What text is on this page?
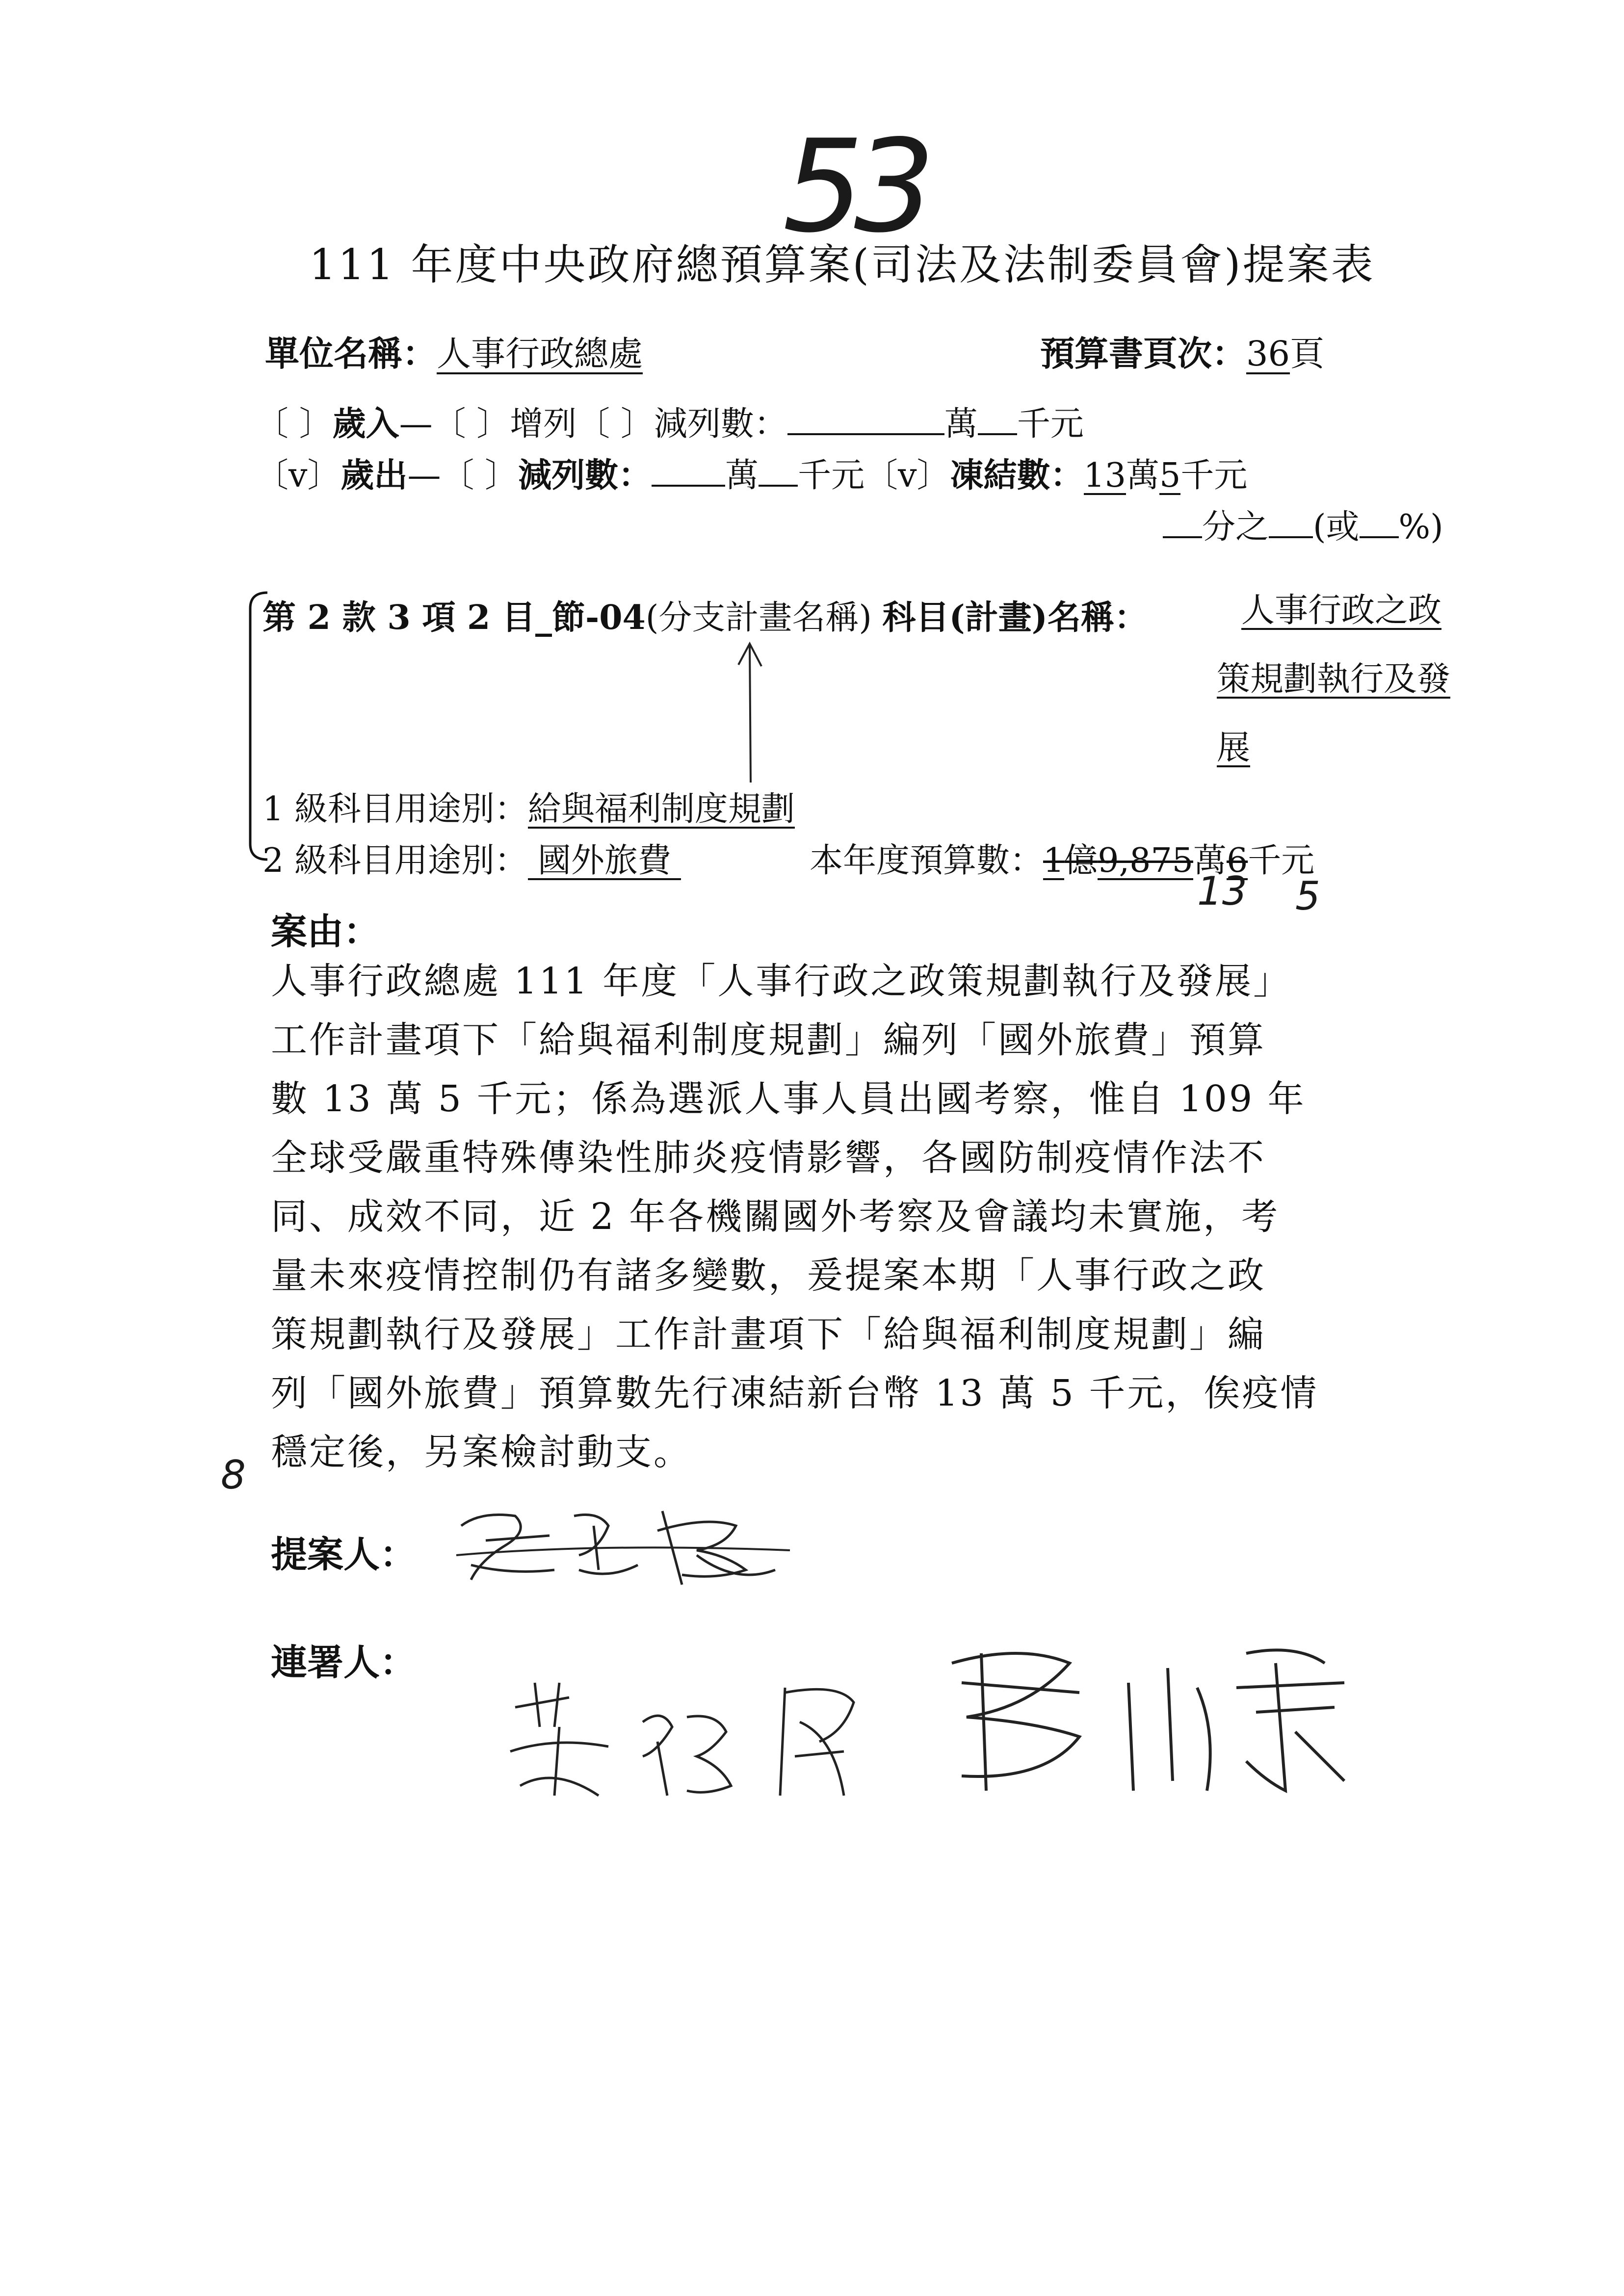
53
111 年度中央政府總預算案(司法及法制委員會)提案表
單位名稱：人事行政總處	預算書頁次：36頁
〔 〕歲入—〔 〕增列〔 〕減列數：	萬 千元
〔v〕歲出—〔 〕減列數： 萬 千元〔v〕凍結數：13萬5千元
分之 (或 %)
第 2 款 3 項 2 目_節-04(分支計畫名稱) 科目(計畫)名稱：	人事行政之政
策規劃執行及發
展
1 級科目用途別：給與福利制度規劃
2 級科目用途別： 國外旅費	本年度預算數：1億9,875萬6千元
13 5
案由：
人事行政總處 111 年度「人事行政之政策規劃執行及發展」
工作計畫項下「給與福利制度規劃」編列「國外旅費」預算
數 13 萬 5 千元；係為選派人事人員出國考察，惟自 109 年
全球受嚴重特殊傳染性肺炎疫情影響，各國防制疫情作法不
同、成效不同，近 2 年各機關國外考察及會議均未實施，考
量未來疫情控制仍有諸多變數，爰提案本期「人事行政之政
策規劃執行及發展」工作計畫項下「給與福利制度規劃」編
列「國外旅費」預算數先行凍結新台幣 13 萬 5 千元，俟疫情
穩定後，另案檢討動支。
8
提案人：
連署人：
